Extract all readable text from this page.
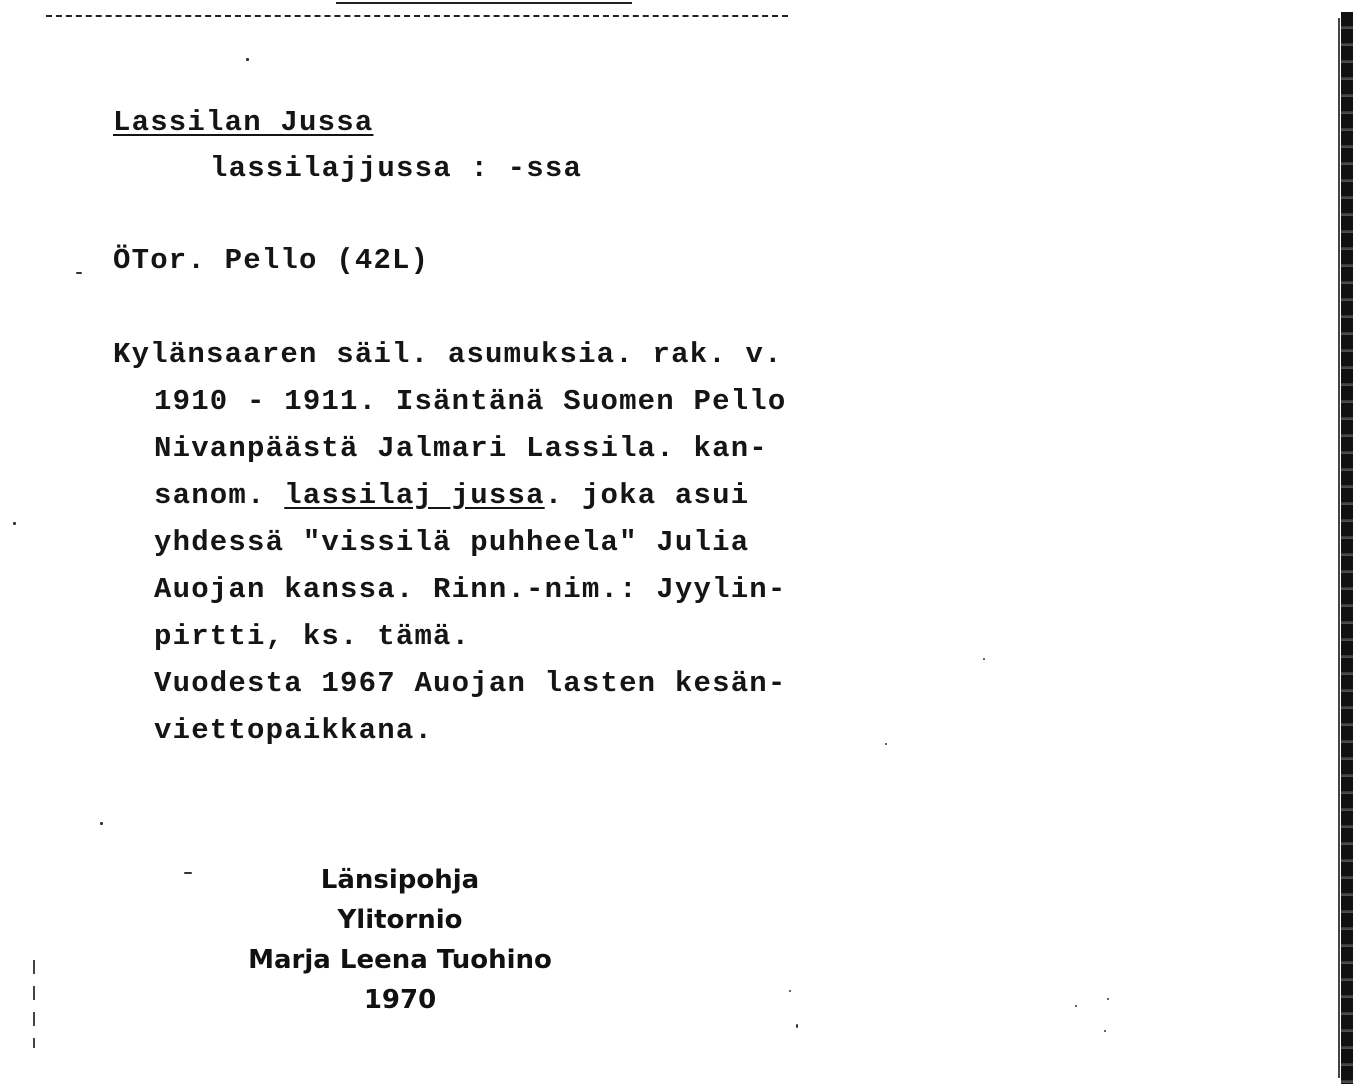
Lassilan Jussa
lassilajjussa : -ssa
ÖTor. Pello (42L)
Kylänsaaren säil. asumuksia. rak. v.
1910 - 1911. Isäntänä Suomen Pello
Nivanpäästä Jalmari Lassila. kan-
sanom. lassilaj jussa. joka asui
yhdessä "vissilä puhheela" Julia
Auojan kanssa. Rinn.-nim.: Jyylin-
pirtti, ks. tämä.
Vuodesta 1967 Auojan lasten kesän-
viettopaikkana.
Länsipohja
Ylitornio
Marja Leena Tuohino
1970
